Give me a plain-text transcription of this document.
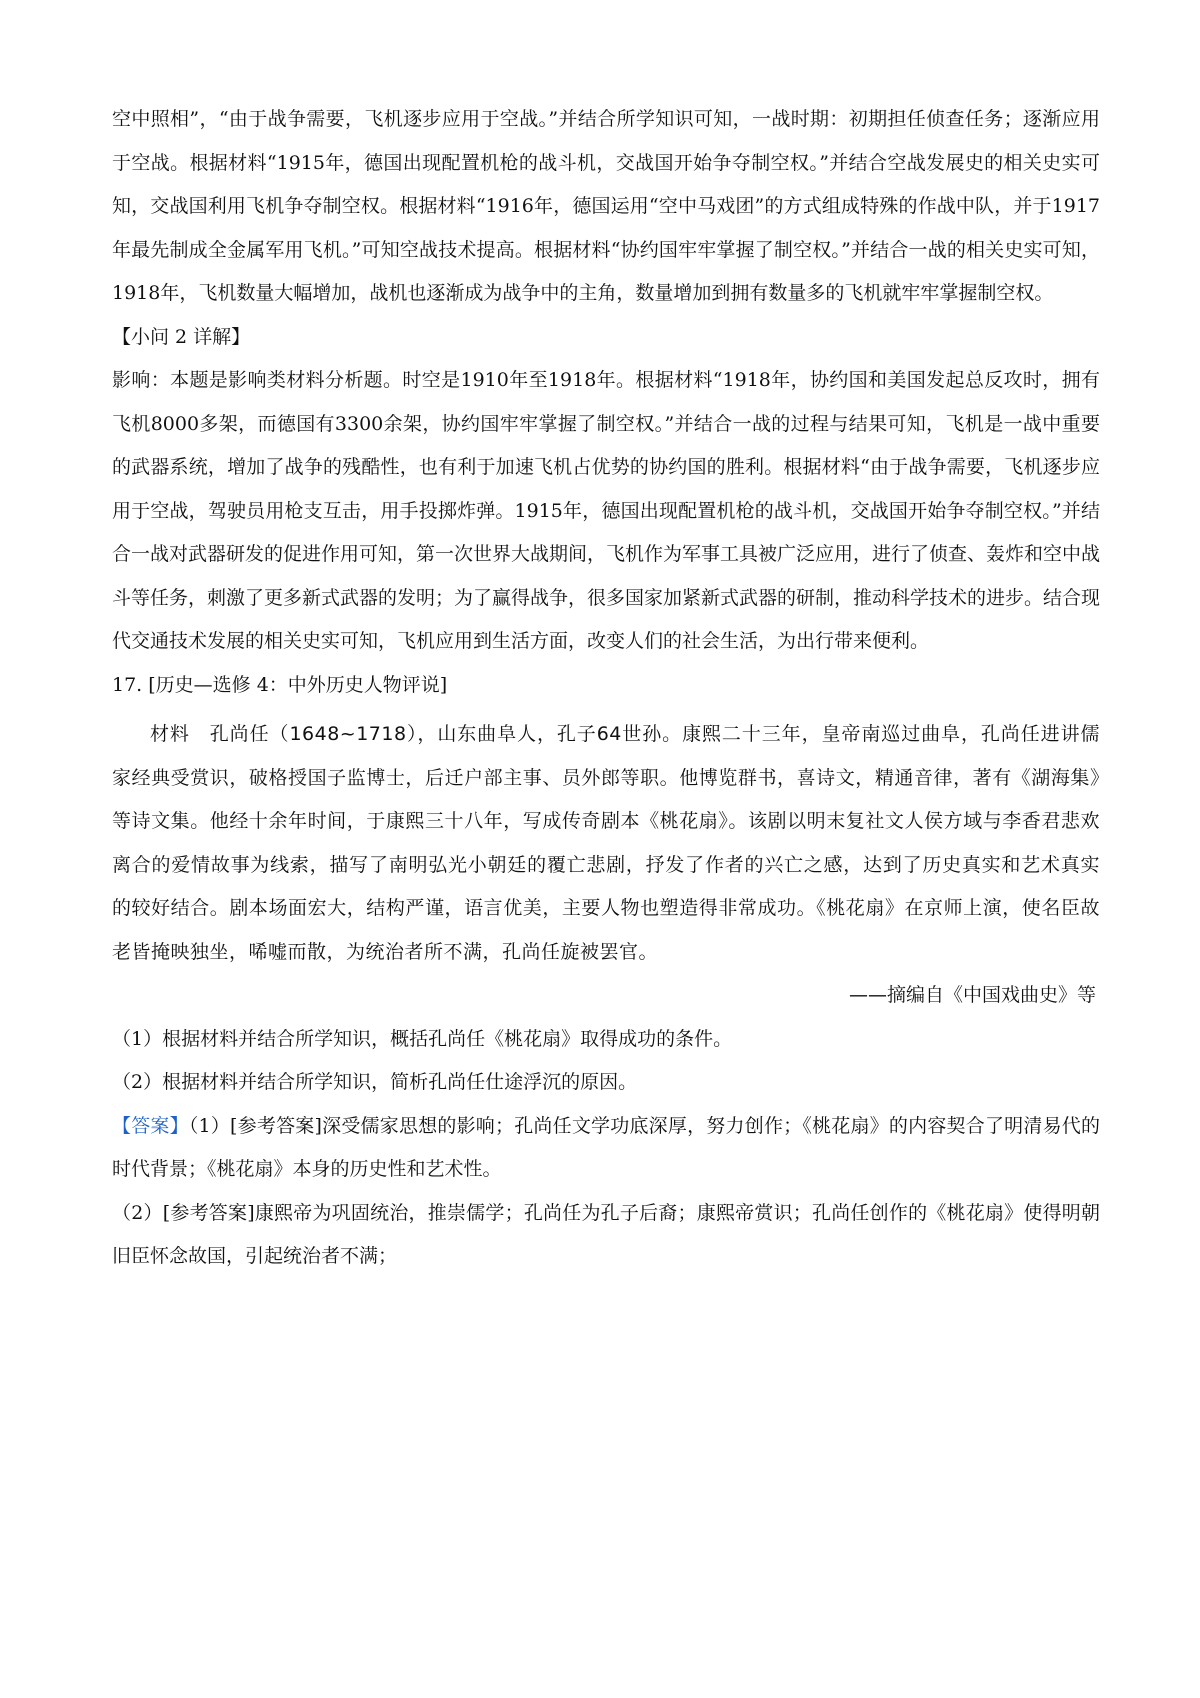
空中照相”，“由于战争需要，飞机逐步应用于空战。”并结合所学知识可知，一战时期：初期担任侦查任务；逐渐应用于空战。根据材料“1915年，德国出现配置机枪的战斗机，交战国开始争夺制空权。”并结合空战发展史的相关史实可知，交战国利用飞机争夺制空权。根据材料“1916年，德国运用“空中马戏团”的方式组成特殊的作战中队，并于1917年最先制成全金属军用飞机。”可知空战技术提高。根据材料“协约国牢牢掌握了制空权。”并结合一战的相关史实可知，1918年，飞机数量大幅增加，战机也逐渐成为战争中的主角，数量增加到拥有数量多的飞机就牢牢掌握制空权。

【小问 2 详解】

影响：本题是影响类材料分析题。时空是1910年至1918年。根据材料“1918年，协约国和美国发起总反攻时，拥有飞机8000多架，而德国有3300余架，协约国牢牢掌握了制空权。”并结合一战的过程与结果可知，飞机是一战中重要的武器系统，增加了战争的残酷性，也有利于加速飞机占优势的协约国的胜利。根据材料“由于战争需要，飞机逐步应用于空战，驾驶员用枪支互击，用手投掷炸弹。1915年，德国出现配置机枪的战斗机，交战国开始争夺制空权。”并结合一战对武器研发的促进作用可知，第一次世界大战期间，飞机作为军事工具被广泛应用，进行了侦查、轰炸和空中战斗等任务，刺激了更多新式武器的发明；为了赢得战争，很多国家加紧新式武器的研制，推动科学技术的进步。结合现代交通技术发展的相关史实可知，飞机应用到生活方面，改变人们的社会生活，为出行带来便利。

17. [历史—选修 4：中外历史人物评说]

材料　孔尚任（1648~1718），山东曲阜人，孔子64世孙。康熙二十三年，皇帝南巡过曲阜，孔尚任进讲儒家经典受赏识，破格授国子监博士，后迁户部主事、员外郎等职。他博览群书，喜诗文，精通音律，著有《湖海集》等诗文集。他经十余年时间，于康熙三十八年，写成传奇剧本《桃花扇》。该剧以明末复社文人侯方域与李香君悲欢离合的爱情故事为线索，描写了南明弘光小朝廷的覆亡悲剧，抒发了作者的兴亡之感，达到了历史真实和艺术真实的较好结合。剧本场面宏大，结构严谨，语言优美，主要人物也塑造得非常成功。《桃花扇》在京师上演，使名臣故老皆掩映独坐，唏嘘而散，为统治者所不满，孔尚任旋被罢官。

——摘编自《中国戏曲史》等

（1）根据材料并结合所学知识，概括孔尚任《桃花扇》取得成功的条件。

（2）根据材料并结合所学知识，简析孔尚任仕途浮沉的原因。

【答案】（1）[参考答案]深受儒家思想的影响；孔尚任文学功底深厚，努力创作；《桃花扇》的内容契合了明清易代的时代背景；《桃花扇》本身的历史性和艺术性。

（2）[参考答案]康熙帝为巩固统治，推崇儒学；孔尚任为孔子后裔；康熙帝赏识；孔尚任创作的《桃花扇》使得明朝旧臣怀念故国，引起统治者不满；
